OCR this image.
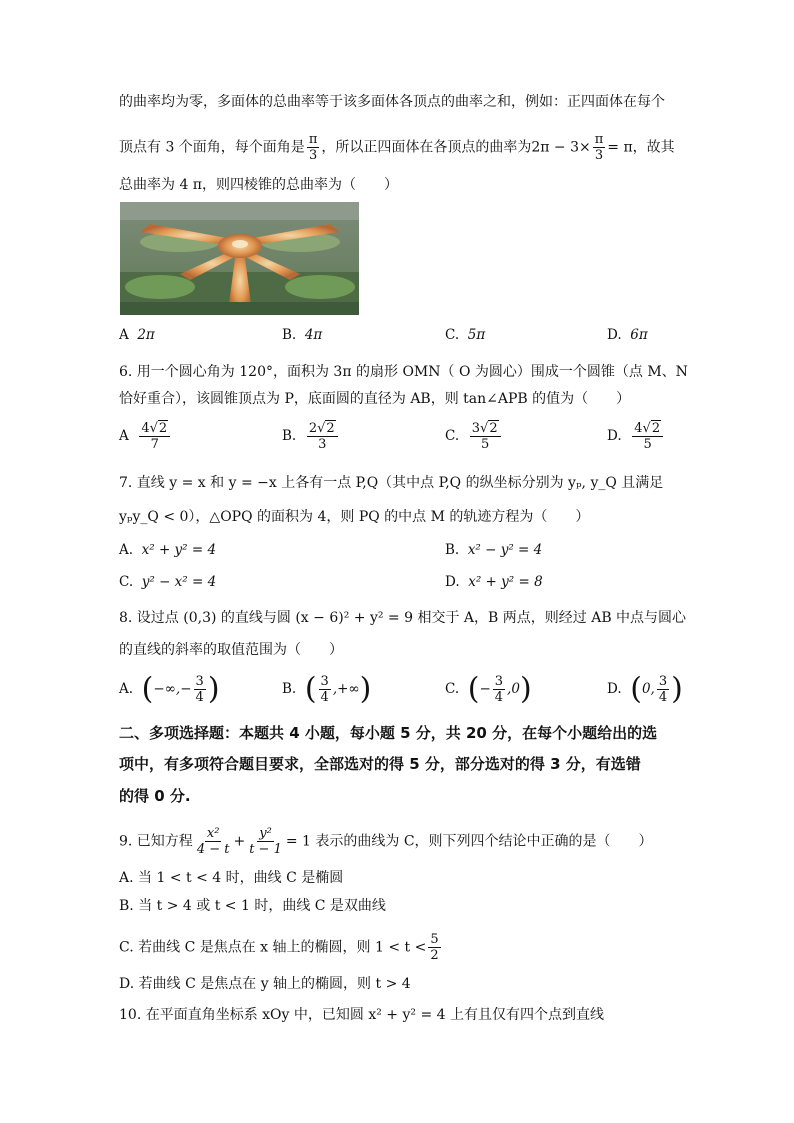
的曲率均为零，多面体的总曲率等于该多面体各顶点的曲率之和，例如：正四面体在每个
顶点有 3 个面角，每个面角是 $\frac{\pi}{3}$ ，所以正四面体在各顶点的曲率为$2\pi - 3\times \frac{\pi}{3} = \pi$，故其
总曲率为 4 π，则四棱锥的总曲率为（　　）
A 2π	B. 4π	C. 5π	D. 6π
6. 用一个圆心角为 120°，面积为 3π 的扇形 OMN（ O 为圆心）围成一个圆锥（点 M、N
恰好重合），该圆锥顶点为 P，底面圆的直径为 AB，则 tan∠APB 的值为（　　）
A $\frac{4√2}{7}$	B. $\frac{2√2}{3}$	C. $\frac{3√2}{5}$	D. $\frac{4√2}{5}$
7. 直线 y = x 和 y = −x 上各有一点 P,Q（其中点 P,Q 的纵坐标分别为 yₚ, y_Q 且满足
yₚy_Q < 0），△OPQ 的面积为 4，则 PQ 的中点 M 的轨迹方程为（　　）
A. x² + y² = 4	B. x² − y² = 4
C. y² − x² = 4	D. x² + y² = 8
8. 设过点 (0,3) 的直线与圆 (x − 6)² + y² = 9 相交于 A，B 两点，则经过 AB 中点与圆心
的直线的斜率的取值范围为（　　）
A. (−∞,− $\frac{3}{4}$ )	B. ( $\frac{3}{4}$ ,+∞)	C. (− $\frac{3}{4} ,0$)	D. (0, $\frac{3}{4}$ )
二、多项选择题：本题共 4 小题，每小题 5 分，共 20 分，在每个小题给出的选
项中，有多项符合题目要求，全部选对的得 5 分，部分选对的得 3 分，有选错
的得 0 分.
9. 已知方程 $\frac{\text{x²}}{4 - t} + \frac{\text{y²}}{t - 1} = 1$ 表示的曲线为 C，则下列四个结论中正确的是（　　）
A. 当 1 < t < 4 时，曲线 C 是椭圆
B. 当 t > 4 或 t < 1 时，曲线 C 是双曲线
C. 若曲线 C 是焦点在 x 轴上的椭圆，则 $1 < t < \frac{5}{2}$
D. 若曲线 C 是焦点在 y 轴上的椭圆，则 t > 4
10. 在平面直角坐标系 xOy 中，已知圆 x² + y² = 4 上有且仅有四个点到直线
